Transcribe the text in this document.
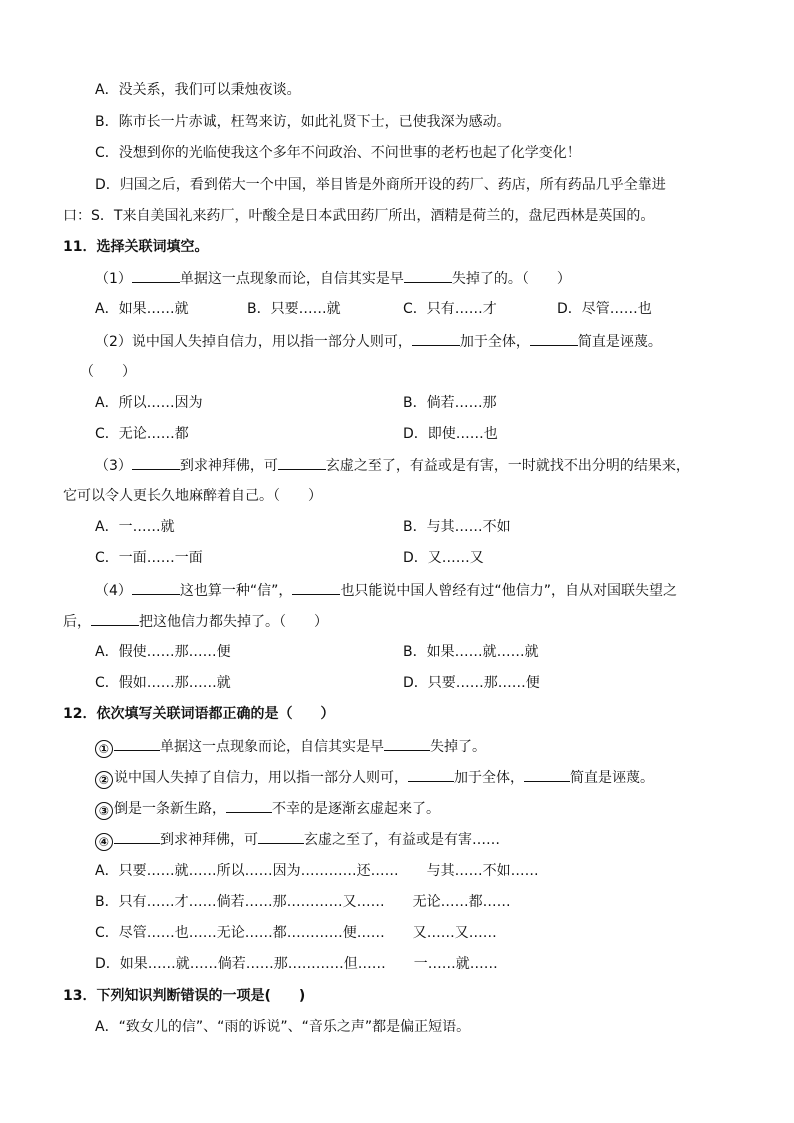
A．没关系，我们可以秉烛夜谈。
B．陈市长一片赤诚，枉驾来访，如此礼贤下士，已使我深为感动。
C．没想到你的光临使我这个多年不问政治、不问世事的老朽也起了化学变化！
D．归国之后，看到偌大一个中国，举目皆是外商所开设的药厂、药店，所有药品几乎全靠进
口：S．T来自美国礼来药厂，叶酸全是日本武田药厂所出，酒精是荷兰的，盘尼西林是英国的。
11．选择关联词填空。
（1）	单据这一点现象而论，自信其实是早	失掉了的。（　　）
A．如果……就	B．只要……就	C．只有……才	D．尽管……也
（2）说中国人失掉自信力，用以指一部分人则可，	加于全体，	简直是诬蔑。
（　　）
A．所以……因为	B．倘若……那
C．无论……都	D．即使……也
（3）	到求神拜佛，可	玄虚之至了，有益或是有害，一时就找不出分明的结果来，
它可以令人更长久地麻醉着自己。（　　）
A．一……就	B．与其……不如
C．一面……一面	D．又……又
（4）	这也算一种“信”，	也只能说中国人曾经有过“他信力”，自从对国联失望之
后，	把这他信力都失掉了。（　　）
A．假使……那……便	B．如果……就……就
C．假如……那……就	D．只要……那……便
12．依次填写关联词语都正确的是（　　）
①	单据这一点现象而论，自信其实是早	失掉了。
② 说中国人失掉了自信力，用以指一部分人则可，	加于全体，	简直是诬蔑。
③ 倒是一条新生路，	不幸的是逐渐玄虚起来了。
④	到求神拜佛，可	玄虚之至了，有益或是有害……
A．只要……就……所以……因为…………还……　　与其……不如……
B．只有……才……倘若……那…………又……　　无论……都……
C．尽管……也……无论……都…………便……　　又……又……
D．如果……就……倘若……那…………但……　　一……就……
13．下列知识判断错误的一项是(　　)
A．“致女儿的信”、“雨的诉说”、“音乐之声”都是偏正短语。
